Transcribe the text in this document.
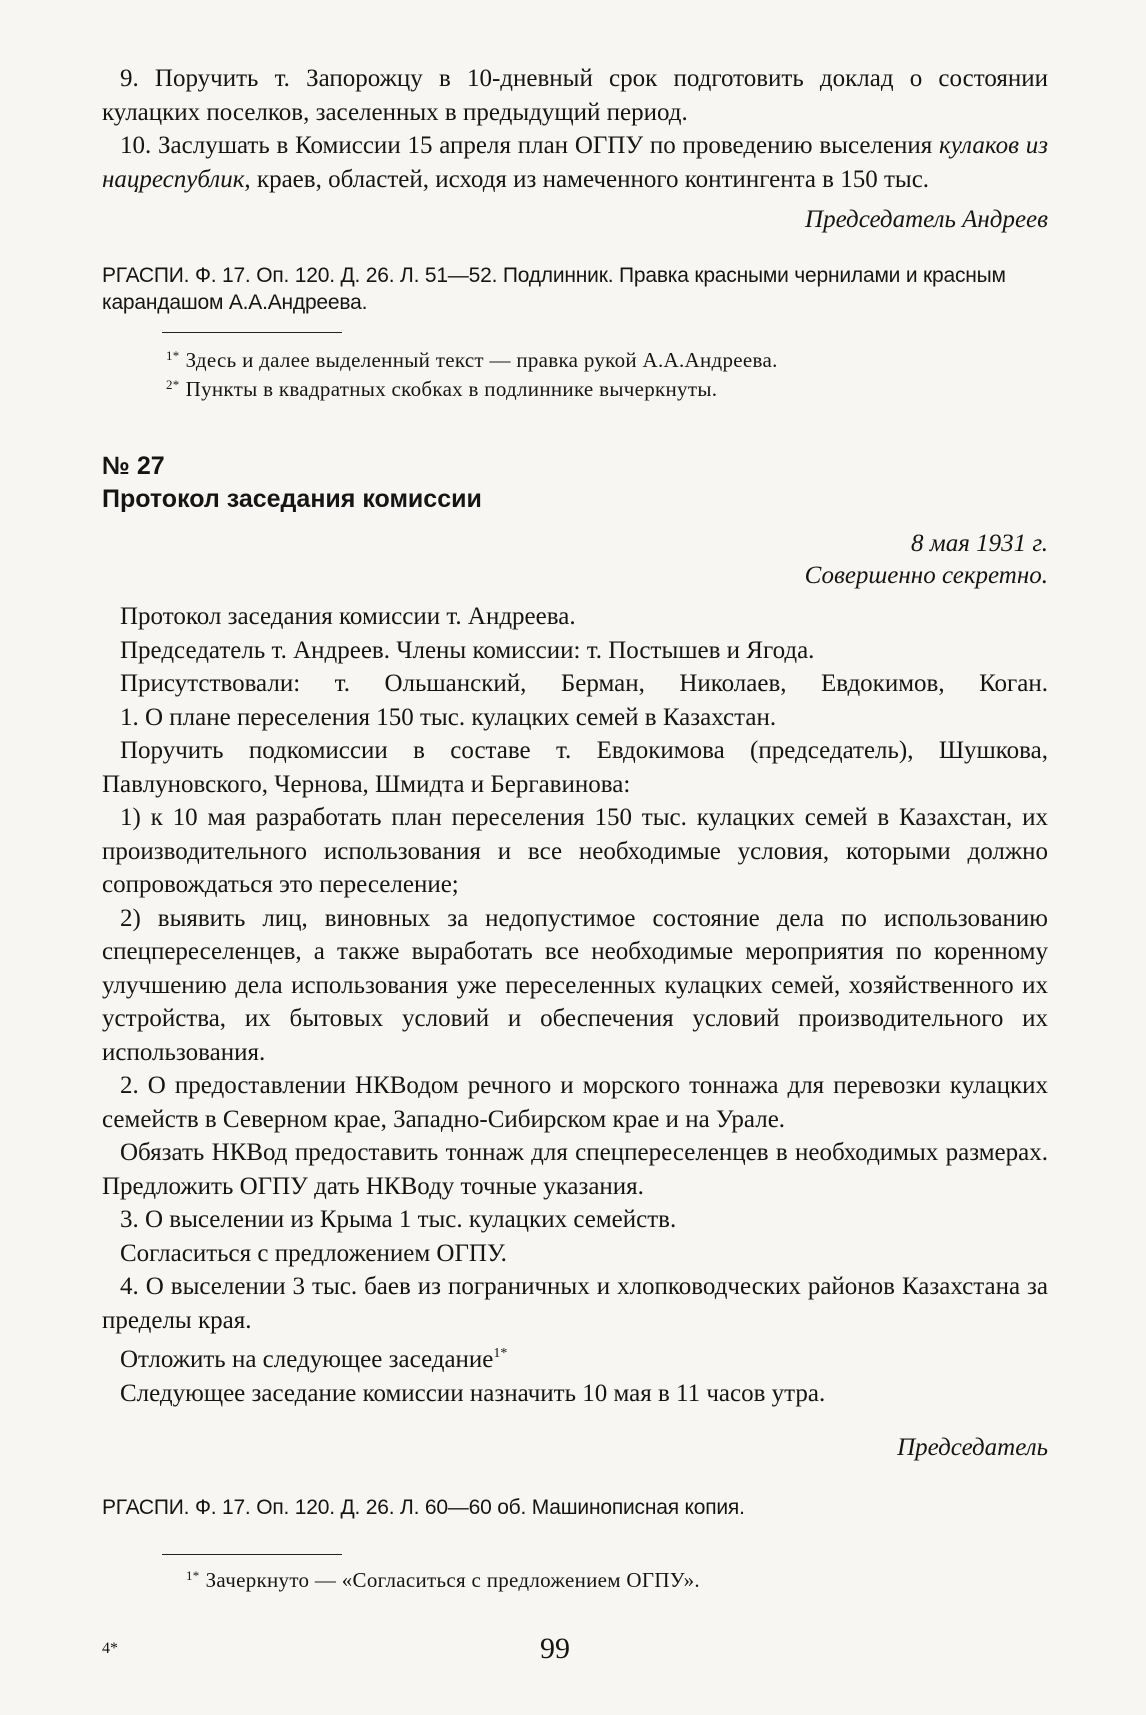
9. Поручить т. Запорожцу в 10-дневный срок подготовить доклад о состоянии кулацких поселков, заселенных в предыдущий период.

10. Заслушать в Комиссии 15 апреля план ОГПУ по проведению выселения кулаков из нацреспублик, краев, областей, исходя из намеченного контингента в 150 тыс.

Председатель Андреев
РГАСПИ. Ф. 17. Оп. 120. Д. 26. Л. 51—52. Подлинник. Правка красными чернилами и красным карандашом А.А.Андреева.
$^{1*}$ Здесь и далее выделенный текст — правка рукой А.А.Андреева.
$^{2*}$ Пункты в квадратных скобках в подлиннике вычеркнуты.
№ 27
Протокол заседания комиссии
8 мая 1931 г.
Совершенно секретно.

Протокол заседания комиссии т. Андреева.

Председатель т. Андреев. Члены комиссии: т. Постышев и Ягода.

Присутствовали: т. Ольшанский, Берман, Николаев, Евдокимов, Коган.

1. О плане переселения 150 тыс. кулацких семей в Казахстан.

Поручить подкомиссии в составе т. Евдокимова (председатель), Шушкова, Павлуновского, Чернова, Шмидта и Бергавинова:

1) к 10 мая разработать план переселения 150 тыс. кулацких семей в Казахстан, их производительного использования и все необходимые условия, которыми должно сопровождаться это переселение;

2) выявить лиц, виновных за недопустимое состояние дела по использованию спецпереселенцев, а также выработать все необходимые мероприятия по коренному улучшению дела использования уже переселенных кулацких семей, хозяйственного их устройства, их бытовых условий и обеспечения условий производительного их использования.

2. О предоставлении НКВодом речного и морского тоннажа для перевозки кулацких семейств в Северном крае, Западно-Сибирском крае и на Урале.

Обязать НКВод предоставить тоннаж для спецпереселенцев в необходимых размерах. Предложить ОГПУ дать НКВоду точные указания.

3. О выселении из Крыма 1 тыс. кулацких семейств.

Согласиться с предложением ОГПУ.

4. О выселении 3 тыс. баев из пограничных и хлопководческих районов Казахстана за пределы края.

Отложить на следующее заседание$^{1*}$

Следующее заседание комиссии назначить 10 мая в 11 часов утра.

Председатель
РГАСПИ. Ф. 17. Оп. 120. Д. 26. Л. 60—60 об. Машинописная копия.
$^{1*}$ Зачеркнуто — «Согласиться с предложением ОГПУ».
4*	99
